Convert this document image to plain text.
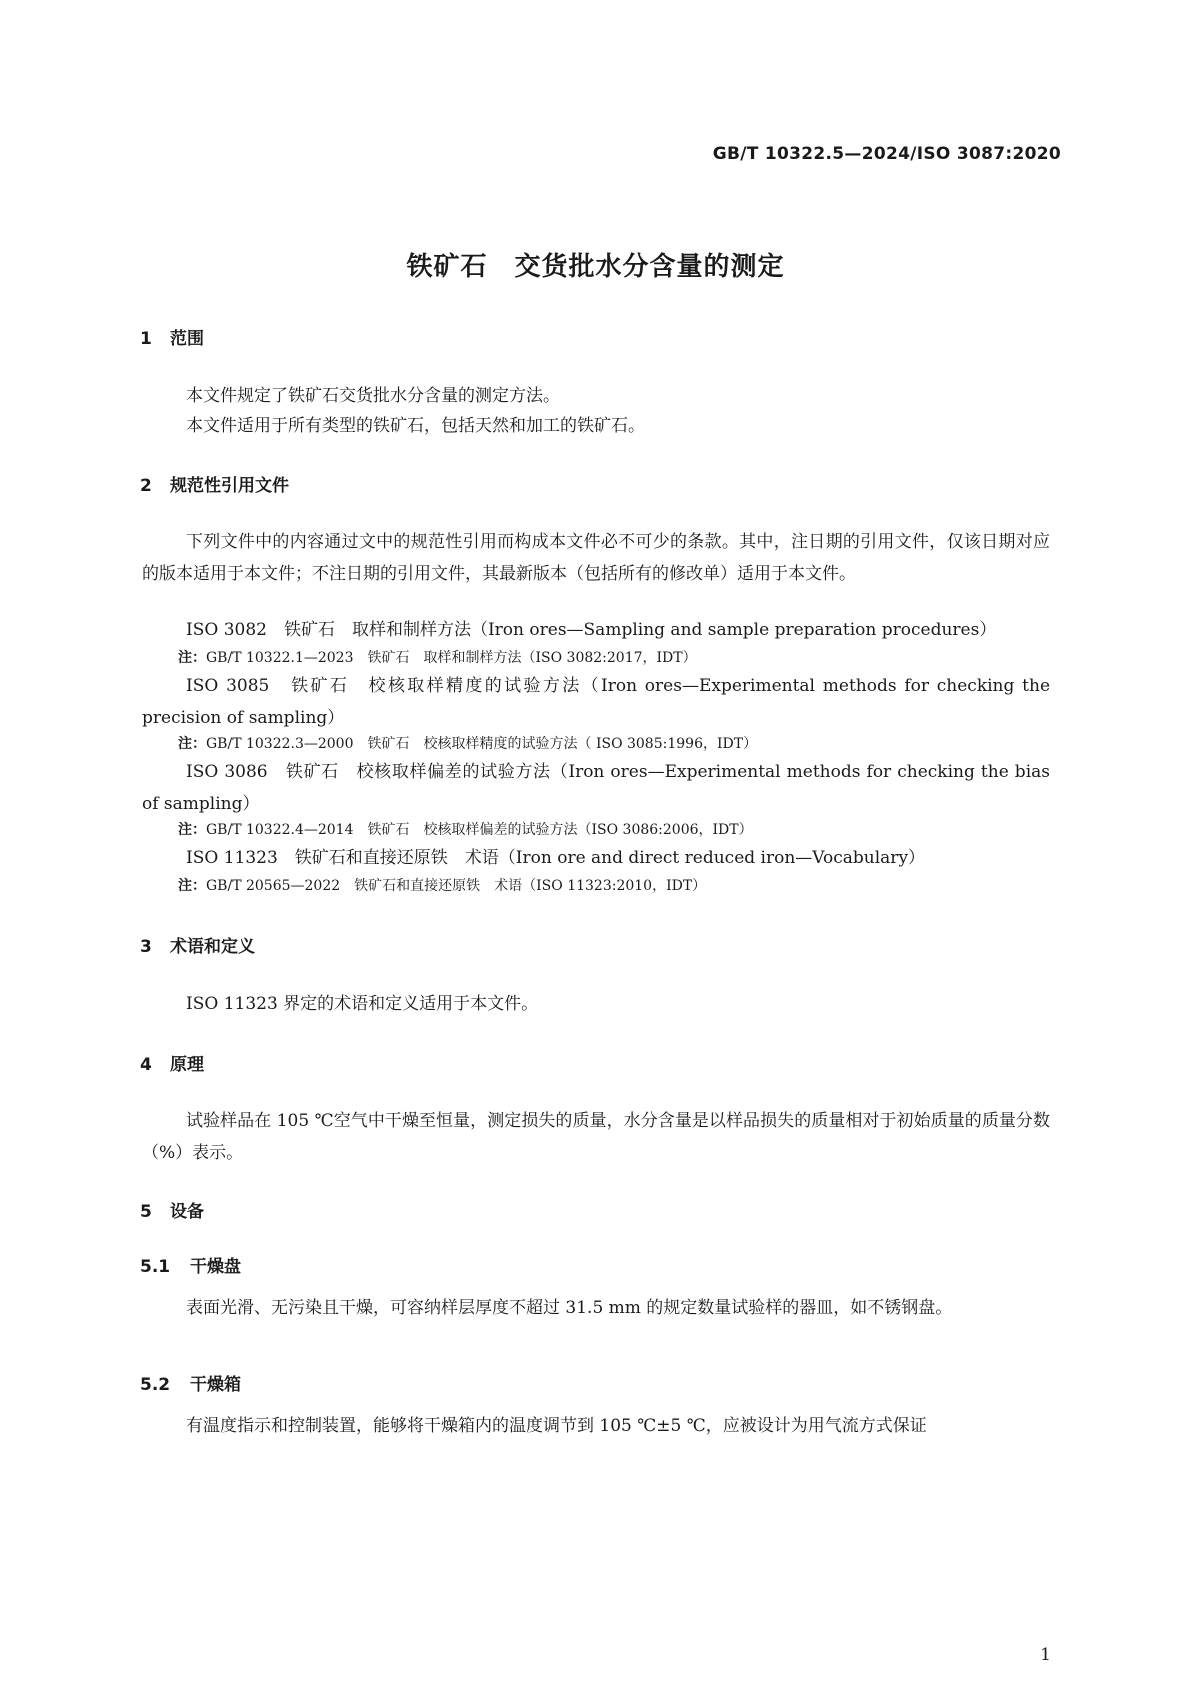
GB/T 10322.5—2024/ISO 3087:2020

铁矿石　交货批水分含量的测定
1 范围

本文件规定了铁矿石交货批水分含量的测定方法。

本文件适用于所有类型的铁矿石，包括天然和加工的铁矿石。

2 规范性引用文件

下列文件中的内容通过文中的规范性引用而构成本文件必不可少的条款。其中，注日期的引用文件，仅该日期对应的版本适用于本文件；不注日期的引用文件，其最新版本（包括所有的修改单）适用于本文件。

ISO 3082　铁矿石　取样和制样方法（Iron ores—Sampling and sample preparation procedures）

注：GB/T 10322.1—2023　铁矿石　取样和制样方法（ISO 3082:2017，IDT）

ISO 3085　铁矿石　校核取样精度的试验方法（Iron ores—Experimental methods for checking the precision of sampling）

注：GB/T 10322.3—2000　铁矿石　校核取样精度的试验方法（ ISO 3085:1996，IDT）

ISO 3086　铁矿石　校核取样偏差的试验方法（Iron ores—Experimental methods for checking the bias of sampling）

注：GB/T 10322.4—2014　铁矿石　校核取样偏差的试验方法（ISO 3086:2006，IDT）

ISO 11323　铁矿石和直接还原铁　术语（Iron ore and direct reduced iron—Vocabulary）

注：GB/T 20565—2022　铁矿石和直接还原铁　术语（ISO 11323:2010，IDT）

3 术语和定义

ISO 11323 界定的术语和定义适用于本文件。

4 原理

试验样品在 105 ℃空气中干燥至恒量，测定损失的质量，水分含量是以样品损失的质量相对于初始质量的质量分数（%）表示。

5 设备
5.1 干燥盘

表面光滑、无污染且干燥，可容纳样层厚度不超过 31.5 mm 的规定数量试验样的器皿，如不锈钢盘。

5.2 干燥箱

有温度指示和控制装置，能够将干燥箱内的温度调节到 105 ℃±5 ℃，应被设计为用气流方式保证

1
